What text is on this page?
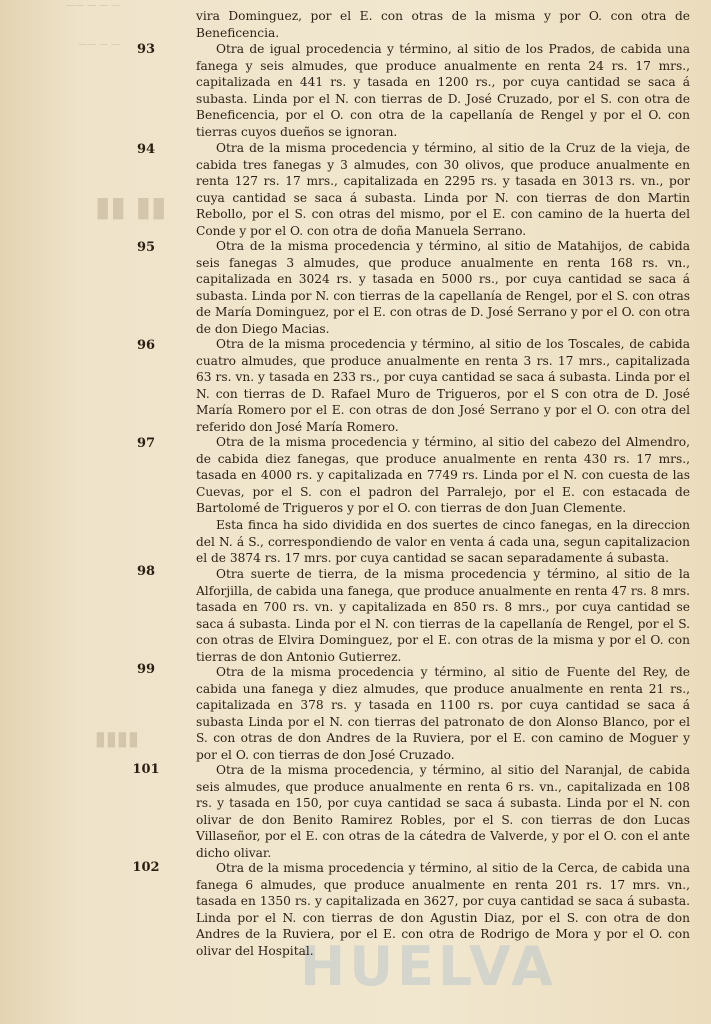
— — — ——

— — ——
▮▮ ▮▮
▮▮▮▮
HUELVA

vira Dominguez, por el E. con otras de la misma y por O. con otra de Beneficencia.

93	Otra de igual procedencia y término, al sitio de los Prados, de cabida una fanega y seis almudes, que produce anualmente en renta 24 rs. 17 mrs., capitalizada en 441 rs. y tasada en 1200 rs., por cuya cantidad se saca á subasta. Linda por el N. con tierras de D. José Cruzado, por el S. con otra de Beneficencia, por el O. con otra de la capellanía de Rengel y por el O. con tierras cuyos dueños se ignoran.

94	Otra de la misma procedencia y término, al sitio de la Cruz de la vieja, de cabida tres fanegas y 3 almudes, con 30 olivos, que produce anualmente en renta 127 rs. 17 mrs., capitalizada en 2295 rs. y tasada en 3013 rs. vn., por cuya cantidad se saca á subasta. Linda por N. con tierras de don Martin Rebollo, por el S. con otras del mismo, por el E. con camino de la huerta del Conde y por el O. con otra de doña Manuela Serrano.

95	Otra de la misma procedencia y término, al sitio de Matahijos, de cabida seis fanegas 3 almudes, que produce anualmente en renta 168 rs. vn., capitalizada en 3024 rs. y tasada en 5000 rs., por cuya cantidad se saca á subasta. Linda por N. con tierras de la capellanía de Rengel, por el S. con otras de María Dominguez, por el E. con otras de D. José Serrano y por el O. con otra de don Diego Macias.

96	Otra de la misma procedencia y término, al sitio de los Toscales, de cabida cuatro almudes, que produce anualmente en renta 3 rs. 17 mrs., capitalizada 63 rs. vn. y tasada en 233 rs., por cuya cantidad se saca á subasta. Linda por el N. con tierras de D. Rafael Muro de Trigueros, por el S con otra de D. José María Romero por el E. con otras de don José Serrano y por el O. con otra del referido don José María Romero.

97	Otra de la misma procedencia y término, al sitio del cabezo del Almendro, de cabida diez fanegas, que produce anualmente en renta 430 rs. 17 mrs., tasada en 4000 rs. y capitalizada en 7749 rs. Linda por el N. con cuesta de las Cuevas, por el S. con el padron del Parralejo, por el E. con estacada de Bartolomé de Trigueros y por el O. con tierras de don Juan Clemente.

Esta finca ha sido dividida en dos suertes de cinco fanegas, en la direccion del N. á S., correspondiendo de valor en venta á cada una, segun capitalizacion el de 3874 rs. 17 mrs. por cuya cantidad se sacan separadamente á subasta.

98	Otra suerte de tierra, de la misma procedencia y término, al sitio de la Alforjilla, de cabida una fanega, que produce anualmente en renta 47 rs. 8 mrs. tasada en 700 rs. vn. y capitalizada en 850 rs. 8 mrs., por cuya cantidad se saca á subasta. Linda por el N. con tierras de la capellanía de Rengel, por el S. con otras de Elvira Dominguez, por el E. con otras de la misma y por el O. con tierras de don Antonio Gutierrez.

99	Otra de la misma procedencia y término, al sitio de Fuente del Rey, de cabida una fanega y diez almudes, que produce anualmente en renta 21 rs., capitalizada en 378 rs. y tasada en 1100 rs. por cuya cantidad se saca á subasta Linda por el N. con tierras del patronato de don Alonso Blanco, por el S. con otras de don Andres de la Ruviera, por el E. con camino de Moguer y por el O. con tierras de don José Cruzado.

101	Otra de la misma procedencia, y término, al sitio del Naranjal, de cabida seis almudes, que produce anualmente en renta 6 rs. vn., capitalizada en 108 rs. y tasada en 150, por cuya cantidad se saca á subasta. Linda por el N. con olivar de don Benito Ramirez Robles, por el S. con tierras de don Lucas Villaseñor, por el E. con otras de la cátedra de Valverde, y por el O. con el ante dicho olivar.

102	Otra de la misma procedencia y término, al sitio de la Cerca, de cabida una fanega 6 almudes, que produce anualmente en renta 201 rs. 17 mrs. vn., tasada en 1350 rs. y capitalizada en 3627, por cuya cantidad se saca á subasta. Linda por el N. con tierras de don Agustin Diaz, por el S. con otra de don Andres de la Ruviera, por el E. con otra de Rodrigo de Mora y por el O. con olivar del Hospital.
